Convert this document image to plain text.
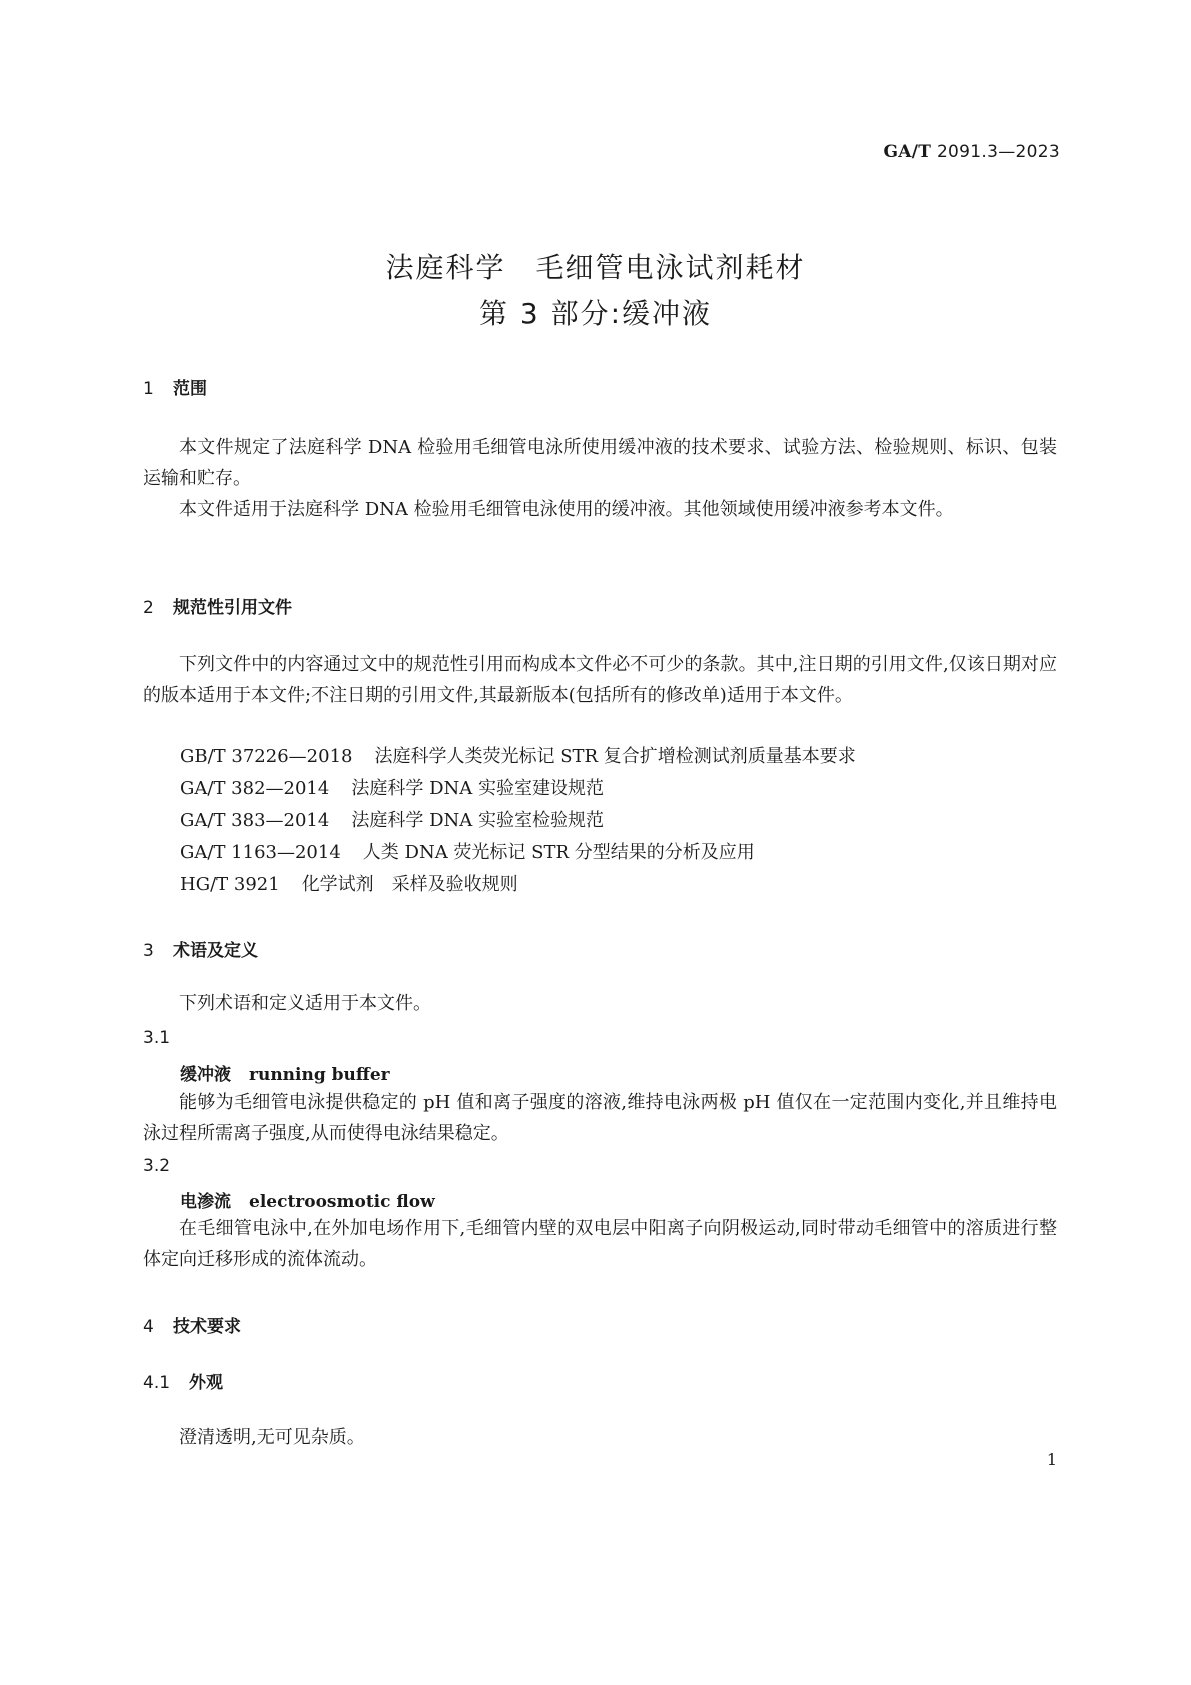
GA/T 2091.3—2023
法庭科学　毛细管电泳试剂耗材
第 3 部分:缓冲液
1 范围

本文件规定了法庭科学 DNA 检验用毛细管电泳所使用缓冲液的技术要求、试验方法、检验规则、标识、包装运输和贮存。

本文件适用于法庭科学 DNA 检验用毛细管电泳使用的缓冲液。其他领域使用缓冲液参考本文件。

2 规范性引用文件

下列文件中的内容通过文中的规范性引用而构成本文件必不可少的条款。其中,注日期的引用文件,仅该日期对应的版本适用于本文件;不注日期的引用文件,其最新版本(包括所有的修改单)适用于本文件。

GB/T 37226—2018 法庭科学人类荧光标记 STR 复合扩增检测试剂质量基本要求
GA/T 382—2014 法庭科学 DNA 实验室建设规范
GA/T 383—2014 法庭科学 DNA 实验室检验规范
GA/T 1163—2014 人类 DNA 荧光标记 STR 分型结果的分析及应用
HG/T 3921 化学试剂　采样及验收规则
3 术语及定义

下列术语和定义适用于本文件。

3.1
缓冲液 running buffer

能够为毛细管电泳提供稳定的 pH 值和离子强度的溶液,维持电泳两极 pH 值仅在一定范围内变化,并且维持电泳过程所需离子强度,从而使得电泳结果稳定。

3.2
电渗流 electroosmotic flow

在毛细管电泳中,在外加电场作用下,毛细管内壁的双电层中阳离子向阴极运动,同时带动毛细管中的溶质进行整体定向迁移形成的流体流动。

4 技术要求
4.1 外观

澄清透明,无可见杂质。

1
